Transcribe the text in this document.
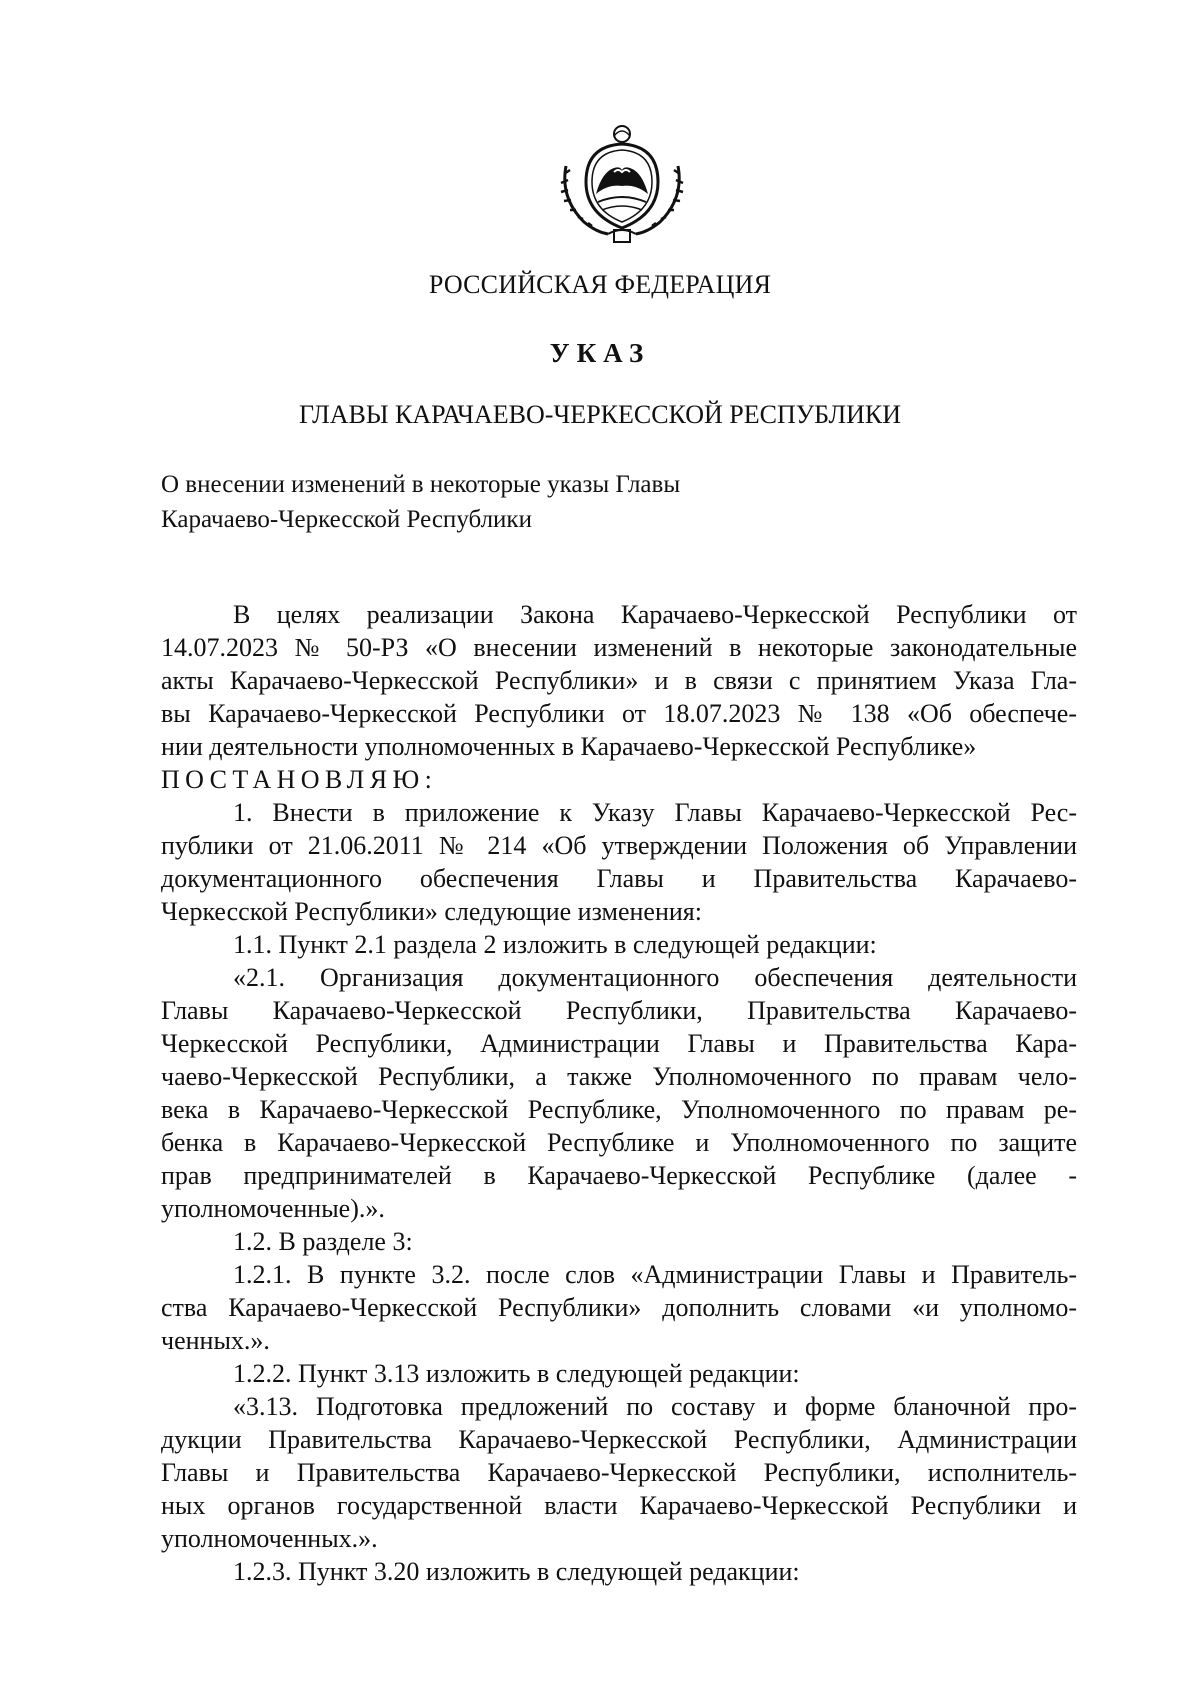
РОССИЙСКАЯ ФЕДЕРАЦИЯ
УКАЗ
ГЛАВЫ КАРАЧАЕВО-ЧЕРКЕССКОЙ РЕСПУБЛИКИ
О внесении изменений в некоторые указы Главы
Карачаево-Черкесской Республики
В целях реализации Закона Карачаево-Черкесской Республики от
14.07.2023 № 50-РЗ «О внесении изменений в некоторые законодательные
акты Карачаево-Черкесской Республики» и в связи с принятием Указа Гла-
вы Карачаево-Черкесской Республики от 18.07.2023 № 138 «Об обеспече-
нии деятельности уполномоченных в Карачаево-Черкесской Республике»
ПОСТАНОВЛЯЮ:
1. Внести в приложение к Указу Главы Карачаево-Черкесской Рес-
публики от 21.06.2011 № 214 «Об утверждении Положения об Управлении
документационного обеспечения Главы и Правительства Карачаево-
Черкесской Республики» следующие изменения:
1.1. Пункт 2.1 раздела 2 изложить в следующей редакции:
«2.1. Организация документационного обеспечения деятельности
Главы Карачаево-Черкесской Республики, Правительства Карачаево-
Черкесской Республики, Администрации Главы и Правительства Кара-
чаево-Черкесской Республики, а также Уполномоченного по правам чело-
века в Карачаево-Черкесской Республике, Уполномоченного по правам ре-
бенка в Карачаево-Черкесской Республике и Уполномоченного по защите
прав предпринимателей в Карачаево-Черкесской Республике (далее -
уполномоченные).».
1.2. В разделе 3:
1.2.1. В пункте 3.2. после слов «Администрации Главы и Правитель-
ства Карачаево-Черкесской Республики» дополнить словами «и уполномо-
ченных.».
1.2.2. Пункт 3.13 изложить в следующей редакции:
«3.13. Подготовка предложений по составу и форме бланочной про-
дукции Правительства Карачаево-Черкесской Республики, Администрации
Главы и Правительства Карачаево-Черкесской Республики, исполнитель-
ных органов государственной власти Карачаево-Черкесской Республики и
уполномоченных.».
1.2.3. Пункт 3.20 изложить в следующей редакции:
